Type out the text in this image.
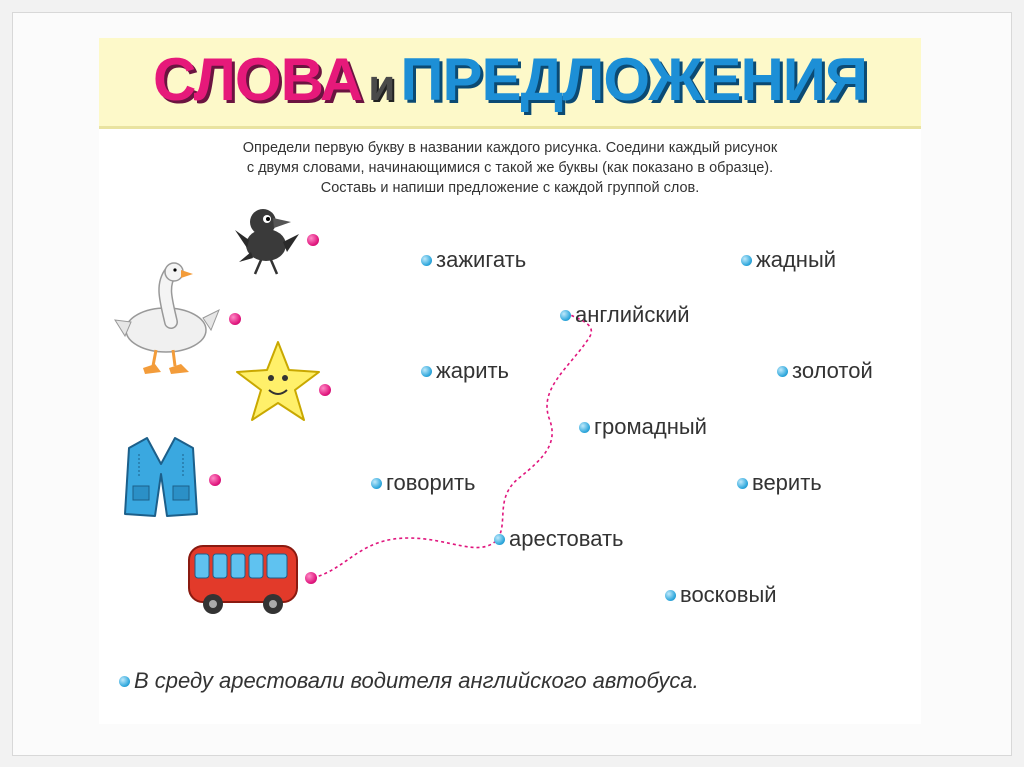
СЛОВА и ПРЕДЛОЖЕНИЯ
Определи первую букву в названии каждого рисунка. Соедини каждый рисунок
с двумя словами, начинающимися с такой же буквы (как показано в образце).
Составь и напиши предложение с каждой группой слов.
зажигать	жадный
английский
жарить	золотой
громадный
говорить	верить
арестовать
восковый
В среду арестовали водителя английского автобуса.
